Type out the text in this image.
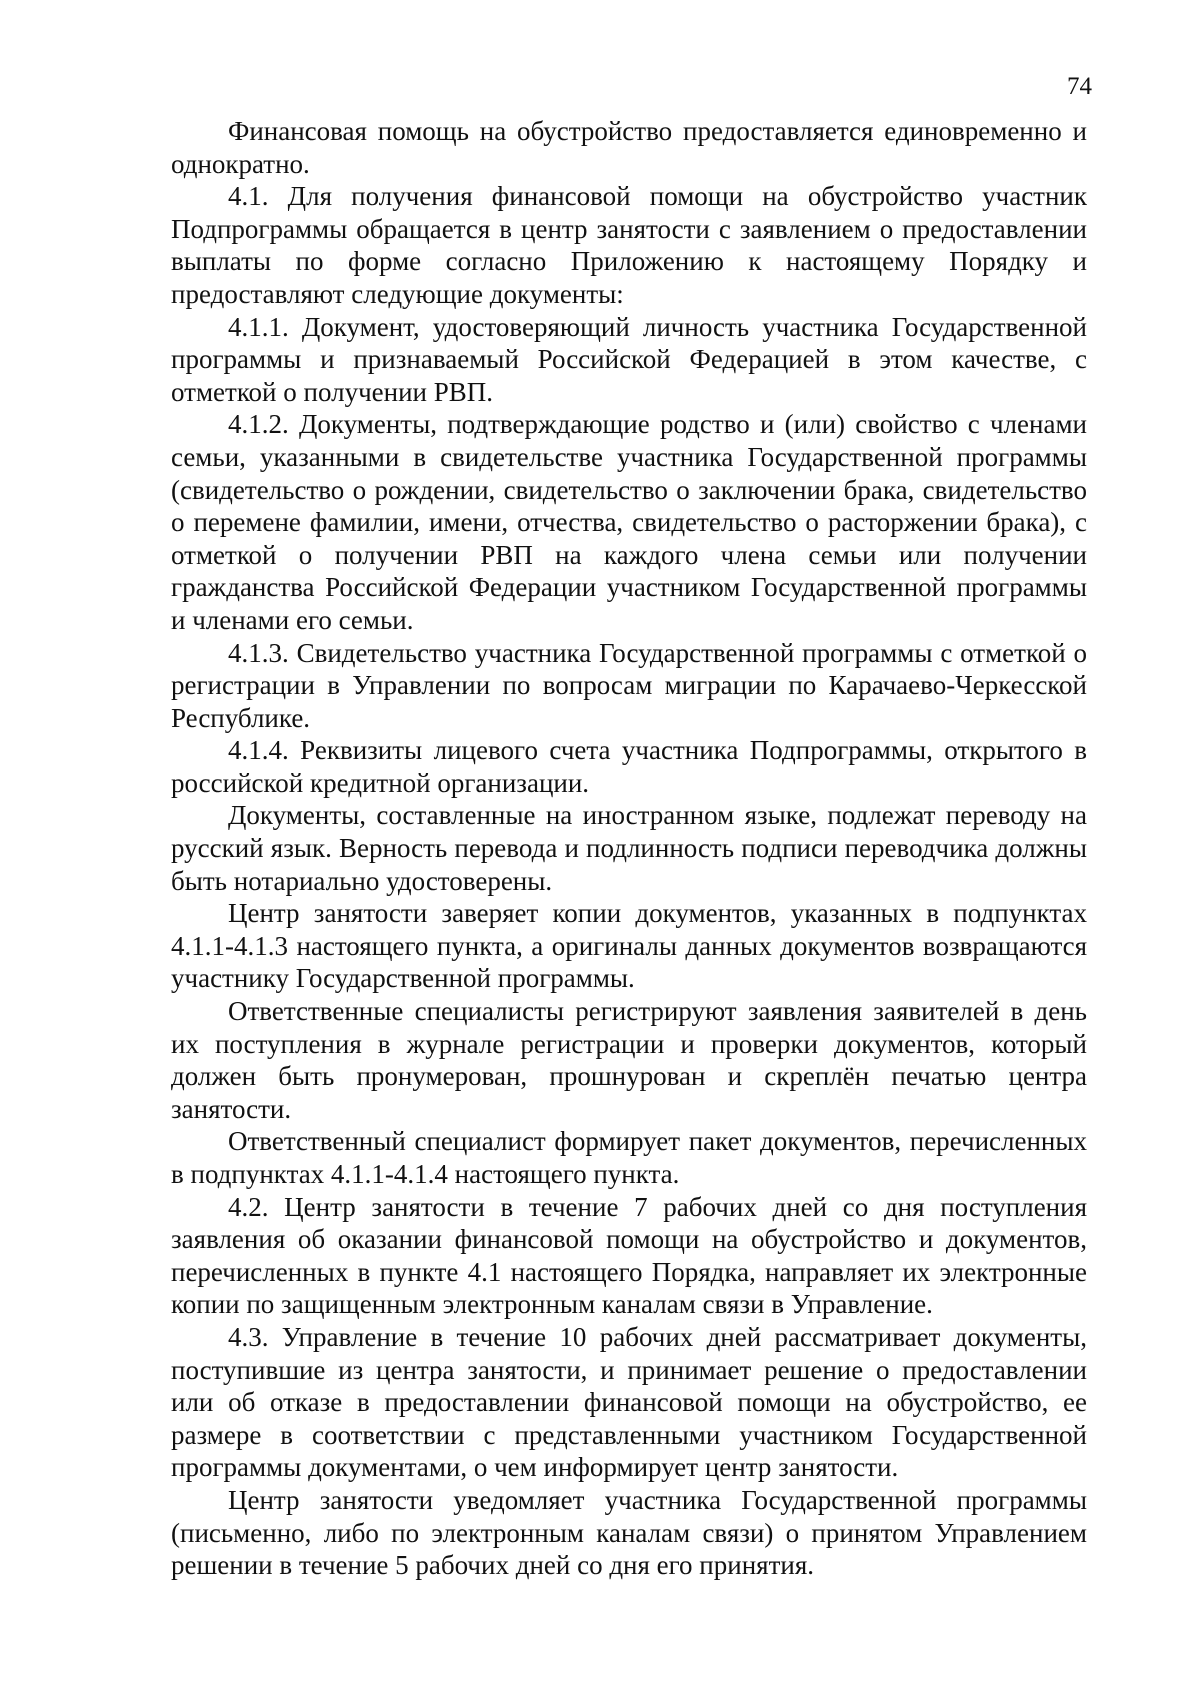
74

Финансовая помощь на обустройство предоставляется единовременно и однократно.

4.1. Для получения финансовой помощи на обустройство участник Подпрограммы обращается в центр занятости с заявлением о предоставлении выплаты по форме согласно Приложению к настоящему Порядку и предоставляют следующие документы:

4.1.1. Документ, удостоверяющий личность участника Государственной программы и признаваемый Российской Федерацией в этом качестве, с отметкой о получении РВП.

4.1.2. Документы, подтверждающие родство и (или) свойство с членами семьи, указанными в свидетельстве участника Государственной программы (свидетельство о рождении, свидетельство о заключении брака, свидетельство о перемене фамилии, имени, отчества, свидетельство о расторжении брака), с отметкой о получении РВП на каждого члена семьи или получении гражданства Российской Федерации участником Государственной программы и членами его семьи.

4.1.3. Свидетельство участника Государственной программы с отметкой о регистрации в Управлении по вопросам миграции по Карачаево-Черкесской Республике.

4.1.4. Реквизиты лицевого счета участника Подпрограммы, открытого в российской кредитной организации.

Документы, составленные на иностранном языке, подлежат переводу на русский язык. Верность перевода и подлинность подписи переводчика должны быть нотариально удостоверены.

Центр занятости заверяет копии документов, указанных в подпунктах 4.1.1-4.1.3 настоящего пункта, а оригиналы данных документов возвращаются участнику Государственной программы.

Ответственные специалисты регистрируют заявления заявителей в день их поступления в журнале регистрации и проверки документов, который должен быть пронумерован, прошнурован и скреплён печатью центра занятости.

Ответственный специалист формирует пакет документов, перечисленных в подпунктах 4.1.1-4.1.4 настоящего пункта.

4.2. Центр занятости в течение 7 рабочих дней со дня поступления заявления об оказании финансовой помощи на обустройство и документов, перечисленных в пункте 4.1 настоящего Порядка, направляет их электронные копии по защищенным электронным каналам связи в Управление.

4.3. Управление в течение 10 рабочих дней рассматривает документы, поступившие из центра занятости, и принимает решение о предоставлении или об отказе в предоставлении финансовой помощи на обустройство, ее размере в соответствии с представленными участником Государственной программы документами, о чем информирует центр занятости.

Центр занятости уведомляет участника Государственной программы (письменно, либо по электронным каналам связи) о принятом Управлением решении в течение 5 рабочих дней со дня его принятия.
